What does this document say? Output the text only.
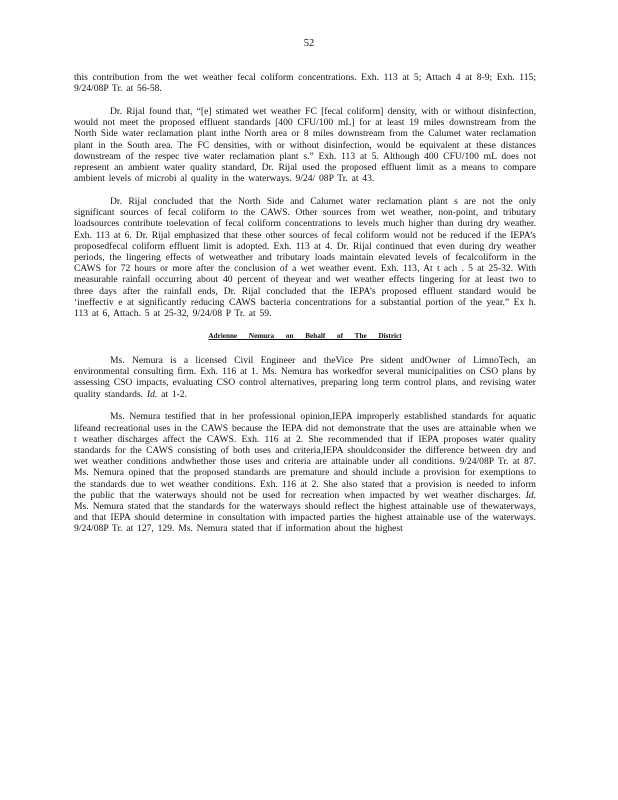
52

this contribution from the wet weather fecal coliform concentrations. Exh. 113 at 5; Attach 4 at 8-9; Exh. 115; 9/24/08P Tr. at 56-58.

Dr. Rijal found that, “[e] stimated wet weather FC [fecal coliform] density, with or without disinfection, would not meet the proposed effluent standards [400 CFU/100 mL] for at least 19 miles downstream from the North Side water reclamation plant inthe North area or 8 miles downstream from the Calumet water reclamation plant in the South area. The FC densities, with or without disinfection, would be equivalent at these distances downstream of the respec tive water reclamation plant s.” Exh. 113 at 5. Although 400 CFU/100 mL does not represent an ambient water quality standard, Dr. Rijal used the proposed effluent limit as a means to compare ambient levels of microbi al quality in the waterways. 9/24/ 08P Tr. at 43.

Dr. Rijal concluded that the North Side and Calumet water reclamation plant s are not the only significant sources of fecal coliform to the CAWS. Other sources from wet weather, non-point, and tributary loadsources contribute toelevation of fecal coliform concentrations to levels much higher than during dry weather. Exh. 113 at 6. Dr. Rijal emphasized that these other sources of fecal coliform would not be reduced if the IEPA’s proposedfecal coliform effluent limit is adopted. Exh. 113 at 4. Dr. Rijal continued that even during dry weather periods, the lingering effects of wetweather and tributary loads maintain elevated levels of fecalcoliform in the CAWS for 72 hours or more after the conclusion of a wet weather event. Exh. 113, At t ach . 5 at 25-32. With measurable rainfall occurring about 40 percent of theyear and wet weather effects lingering for at least two to three days after the rainfall ends, Dr. Rijal concluded that the IEPA’s proposed effluent standard would be ‘ineffectiv e at significantly reducing CAWS bacteria concentrations for a substantial portion of the year.” Ex h. 113 at 6, Attach. 5 at 25-32, 9/24/08 P Tr. at 59.

Adrienne Nemura on Behalf of The District

Ms. Nemura is a licensed Civil Engineer and theVice Pre sident andOwner of LimnoTech, an environmental consulting firm. Exh. 116 at 1. Ms. Nemura has workedfor several municipalities on CSO plans by assessing CSO impacts, evaluating CSO control alternatives, preparing long term control plans, and revising water quality standards. Id. at 1-2.

Ms. Nemura testified that in her professional opinion,IEPA improperly established standards for aquatic lifeand recreational uses in the CAWS because the IEPA did not demonstrate that the uses are attainable when we t weather discharges affect the CAWS. Exh. 116 at 2. She recommended that if IEPA proposes water quality standards for the CAWS consisting of both uses and criteria,IEPA shouldconsider the difference between dry and wet weather conditions andwhether those uses and criteria are attainable under all conditions. 9/24/08P Tr. at 87. Ms. Nemura opined that the proposed standards are premature and should include a provision for exemptions to the standards due to wet weather conditions. Exh. 116 at 2. She also stated that a provision is needed to inform the public that the waterways should not be used for recreation when impacted by wet weather discharges. Id. Ms. Nemura stated that the standards for the waterways should reflect the highest attainable use of thewaterways, and that IEPA should determine in consultation with impacted parties the highest attainable use of the waterways. 9/24/08P Tr. at 127, 129. Ms. Nemura stated that if information about the highest
